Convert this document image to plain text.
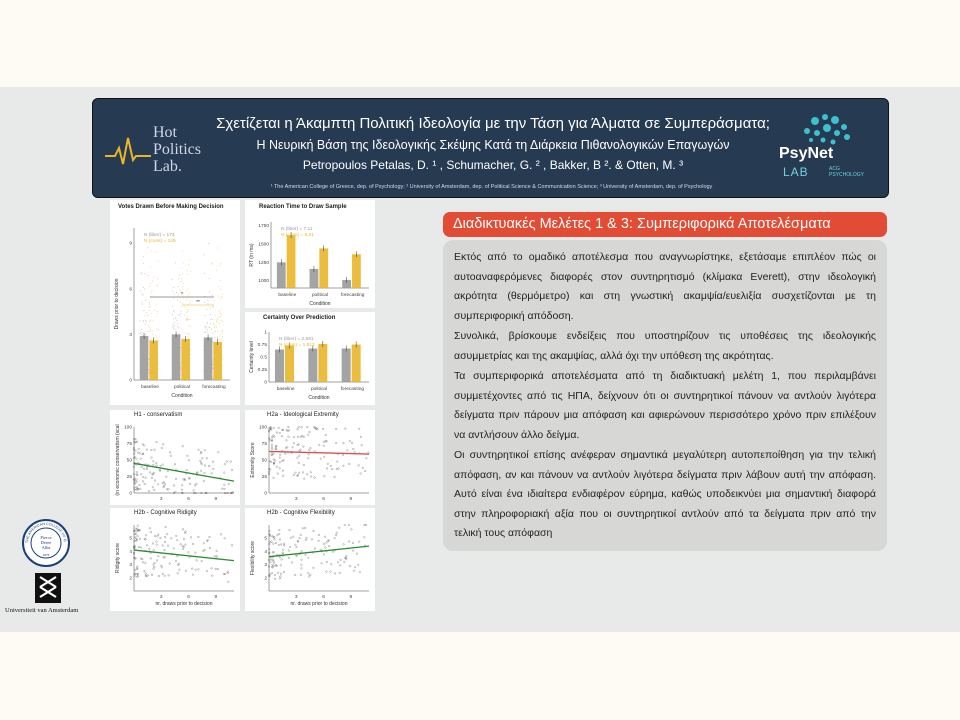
Hot
Politics
Lab.
Σχετίζεται η Άκαμπτη Πολιτική Ιδεολογία με την Τάση για Άλματα σε Συμπεράσματα;
Η Νευρική Βάση της Ιδεολογικής Σκέψης Κατά τη Διάρκεια Πιθανολογικών Επαγωγών
Petropoulos Petalas, D. ¹ , Schumacher, G. ² , Bakker, B ². & Otten, M. ³
¹ The American College of Greece, dep. of Psychology; ² University of Amsterdam, dep. of Political Science & Communication Science; ³ University of Amsterdam, dep. of Psychology
PsyNet
LAB	ACG PSYCHOLOGY
Votes Drawn Before Making Decision
0
3
6
9
Draws prior to decision
Condition
baseline	political	forecasting
N (liber) = 173
N (cons) = 129
*
**
Reaction Time to Draw Sample
1000
1250
1500
1750
RT (in ms)
Condition
baseline	political	forecasting
N (liber) = 7,11
N (cons) = 6,21
Certainty Over Prediction
0
0.25
0.5
0.75
1
Certainty level
Condition
baseline	political	forecasting
N (liber) = 2,591
N (cons) = 1,813
H1 - conservatism
3	6	9
0
25
50
75
100
(in economic conservatism (scal
H2a - Ideological Extremity
3	6	9
0
25
50
75
100
Extremity Score
H2b - Cognitive Ridigity
3	6	9
2
3
4
5
Ridigity score
nr. draws prior to decision
H2b - Cognitive Flexibility
3	6	9
2
3
4
5
Flexibility score
nr. draws prior to decision
THE AMERICAN COLLEGE OF G
Pierce
Deree
Alba
1875
Universiteit van Amsterdam
Διαδικτυακές Μελέτες 1 & 3: Συμπεριφορικά Αποτελέσματα

Εκτός από το ομαδικό αποτέλεσμα που αναγνωρίστηκε, εξετάσαμε επιπλέον πώς οι αυτοαναφερόμενες διαφορές στον συντηρητισμό (κλίμακα Everett), στην ιδεολογική ακρότητα (θερμόμετρο) και στη γνωστική ακαμψία/ευελιξία συσχετίζονται με τη συμπεριφορική απόδοση.

Συνολικά, βρίσκουμε ενδείξεις που υποστηρίζουν τις υποθέσεις της ιδεολογικής ασυμμετρίας και της ακαμψίας, αλλά όχι την υπόθεση της ακρότητας.

Τα συμπεριφορικά αποτελέσματα από τη διαδικτυακή μελέτη 1, που περιλαμβάνει συμμετέχοντες από τις ΗΠΑ, δείχνουν ότι οι συντηρητικοί πάνουν να αντλούν λιγότερα δείγματα πριν πάρουν μια απόφαση και αφιερώνουν περισσότερο χρόνο πριν επιλέξουν να αντλήσουν άλλο δείγμα.

Οι συντηρητικοί επίσης ανέφεραν σημαντικά μεγαλύτερη αυτοπεποίθηση για την τελική απόφαση, αν και πάνουν να αντλούν λιγότερα δείγματα πριν λάβουν αυτή την απόφαση. Αυτό είναι ένα ιδιαίτερα ενδιαφέρον εύρημα, καθώς υποδεικνύει μια σημαντική διαφορά στην πληροφοριακή αξία που οι συντηρητικοί αντλούν από τα δείγματα πριν από την τελική τους απόφαση
